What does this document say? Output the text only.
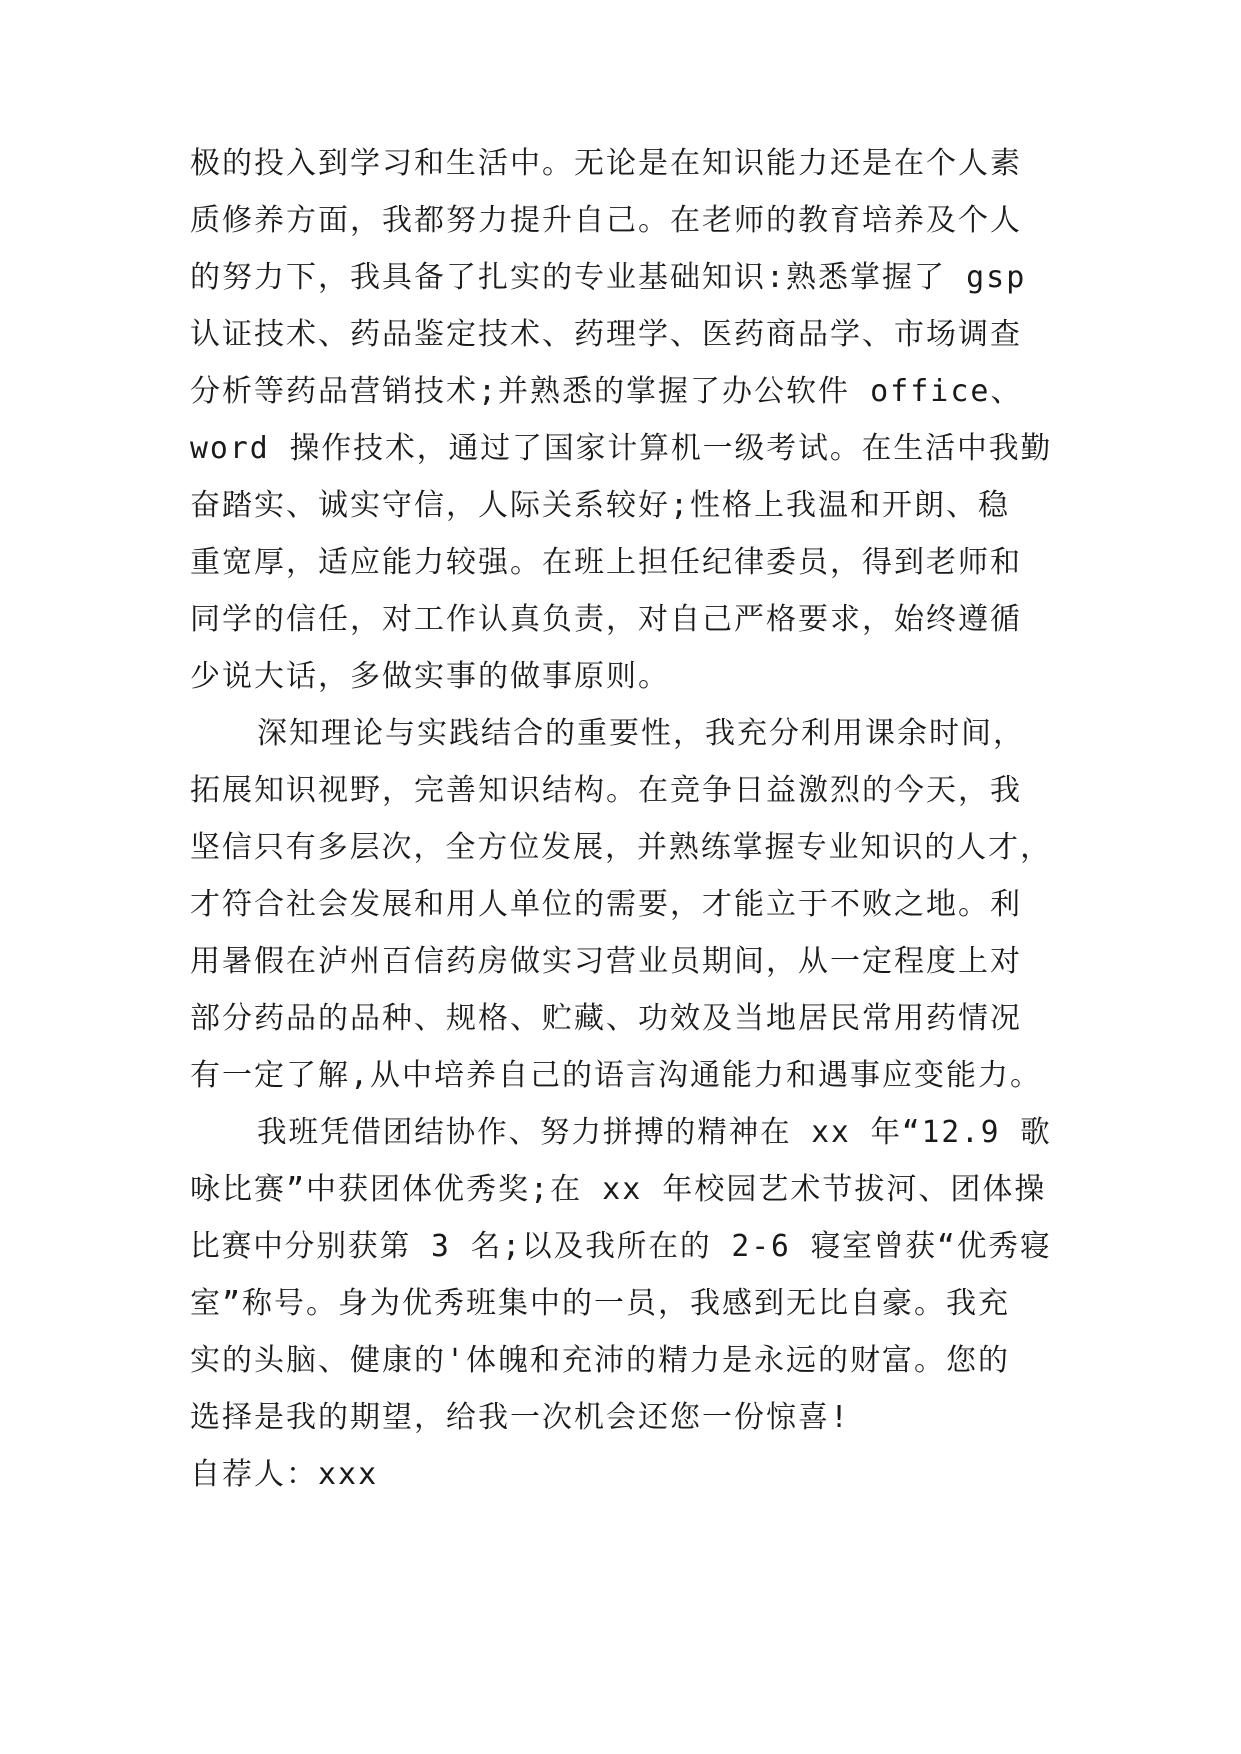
极的投入到学习和生活中。无论是在知识能力还是在个人素
质修养方面，我都努力提升自己。在老师的教育培养及个人
的努力下，我具备了扎实的专业基础知识:熟悉掌握了 gsp
认证技术、药品鉴定技术、药理学、医药商品学、市场调查
分析等药品营销技术;并熟悉的掌握了办公软件 office、
word 操作技术，通过了国家计算机一级考试。在生活中我勤
奋踏实、诚实守信，人际关系较好;性格上我温和开朗、稳
重宽厚，适应能力较强。在班上担任纪律委员，得到老师和
同学的信任，对工作认真负责，对自己严格要求，始终遵循
少说大话，多做实事的做事原则。
深知理论与实践结合的重要性，我充分利用课余时间，
拓展知识视野，完善知识结构。在竞争日益激烈的今天，我
坚信只有多层次，全方位发展，并熟练掌握专业知识的人才，
才符合社会发展和用人单位的需要，才能立于不败之地。利
用暑假在泸州百信药房做实习营业员期间，从一定程度上对
部分药品的品种、规格、贮藏、功效及当地居民常用药情况
有一定了解,从中培养自己的语言沟通能力和遇事应变能力。
我班凭借团结协作、努力拼搏的精神在 xx 年“12.9 歌
咏比赛”中获团体优秀奖;在 xx 年校园艺术节拔河、团体操
比赛中分别获第 3 名;以及我所在的 2-6 寝室曾获“优秀寝
室”称号。身为优秀班集中的一员，我感到无比自豪。我充
实的头脑、健康的'体魄和充沛的精力是永远的财富。您的
选择是我的期望，给我一次机会还您一份惊喜!
自荐人：xxx
